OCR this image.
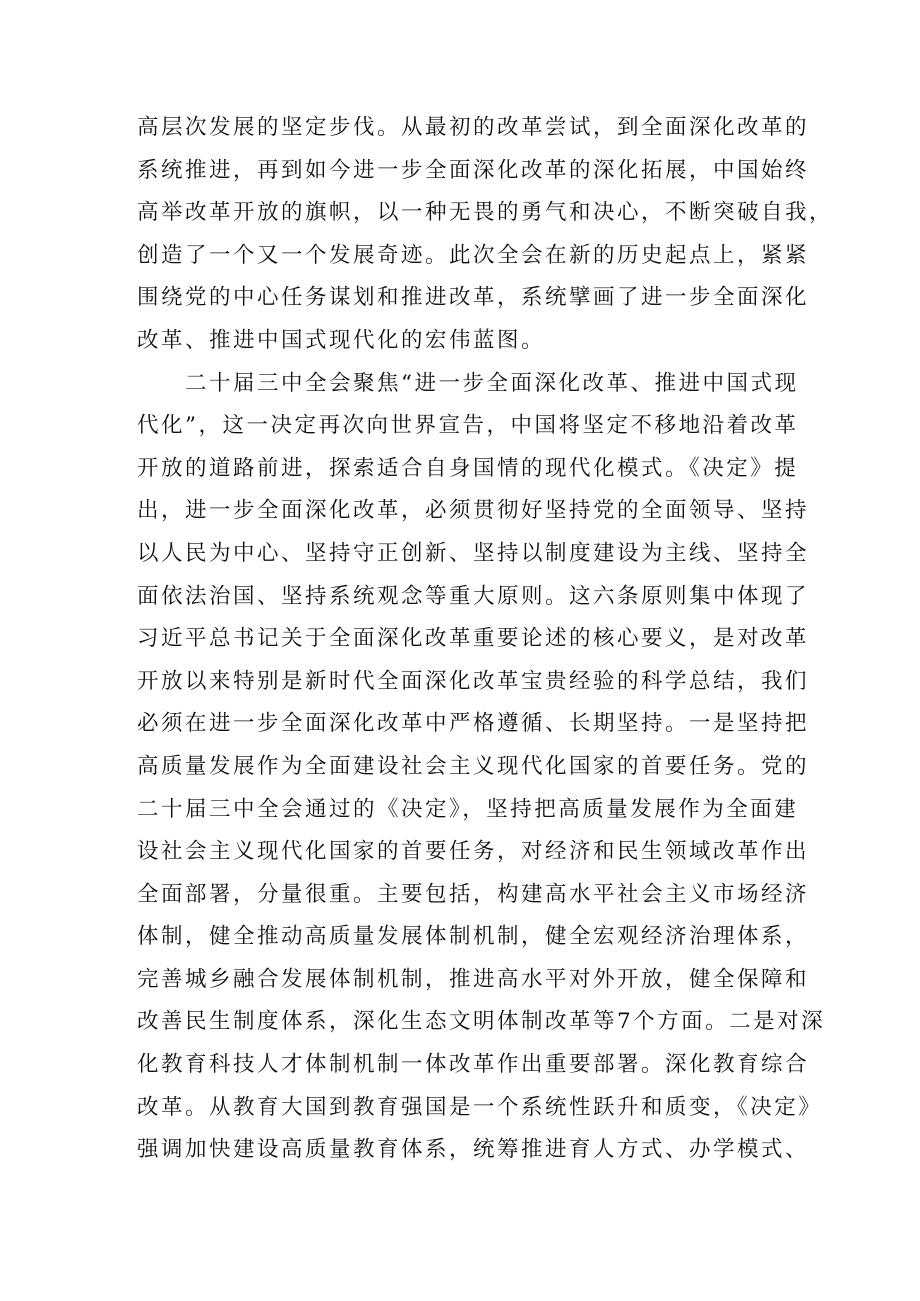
高层次发展的坚定步伐。从最初的改革尝试，到全面深化改革的
系统推进，再到如今进一步全面深化改革的深化拓展，中国始终
高举改革开放的旗帜，以一种无畏的勇气和决心，不断突破自我，
创造了一个又一个发展奇迹。此次全会在新的历史起点上，紧紧
围绕党的中心任务谋划和推进改革，系统擘画了进一步全面深化
改革、推进中国式现代化的宏伟蓝图。
　　二十届三中全会聚焦“进一步全面深化改革、推进中国式现
代化”，这一决定再次向世界宣告，中国将坚定不移地沿着改革
开放的道路前进，探索适合自身国情的现代化模式。《决定》提
出，进一步全面深化改革，必须贯彻好坚持党的全面领导、坚持
以人民为中心、坚持守正创新、坚持以制度建设为主线、坚持全
面依法治国、坚持系统观念等重大原则。这六条原则集中体现了
习近平总书记关于全面深化改革重要论述的核心要义，是对改革
开放以来特别是新时代全面深化改革宝贵经验的科学总结，我们
必须在进一步全面深化改革中严格遵循、长期坚持。一是坚持把
高质量发展作为全面建设社会主义现代化国家的首要任务。党的
二十届三中全会通过的《决定》，坚持把高质量发展作为全面建
设社会主义现代化国家的首要任务，对经济和民生领域改革作出
全面部署，分量很重。主要包括，构建高水平社会主义市场经济
体制，健全推动高质量发展体制机制，健全宏观经济治理体系，
完善城乡融合发展体制机制，推进高水平对外开放，健全保障和
改善民生制度体系，深化生态文明体制改革等7个方面。二是对深
化教育科技人才体制机制一体改革作出重要部署。深化教育综合
改革。从教育大国到教育强国是一个系统性跃升和质变，《决定》
强调加快建设高质量教育体系，统筹推进育人方式、办学模式、
